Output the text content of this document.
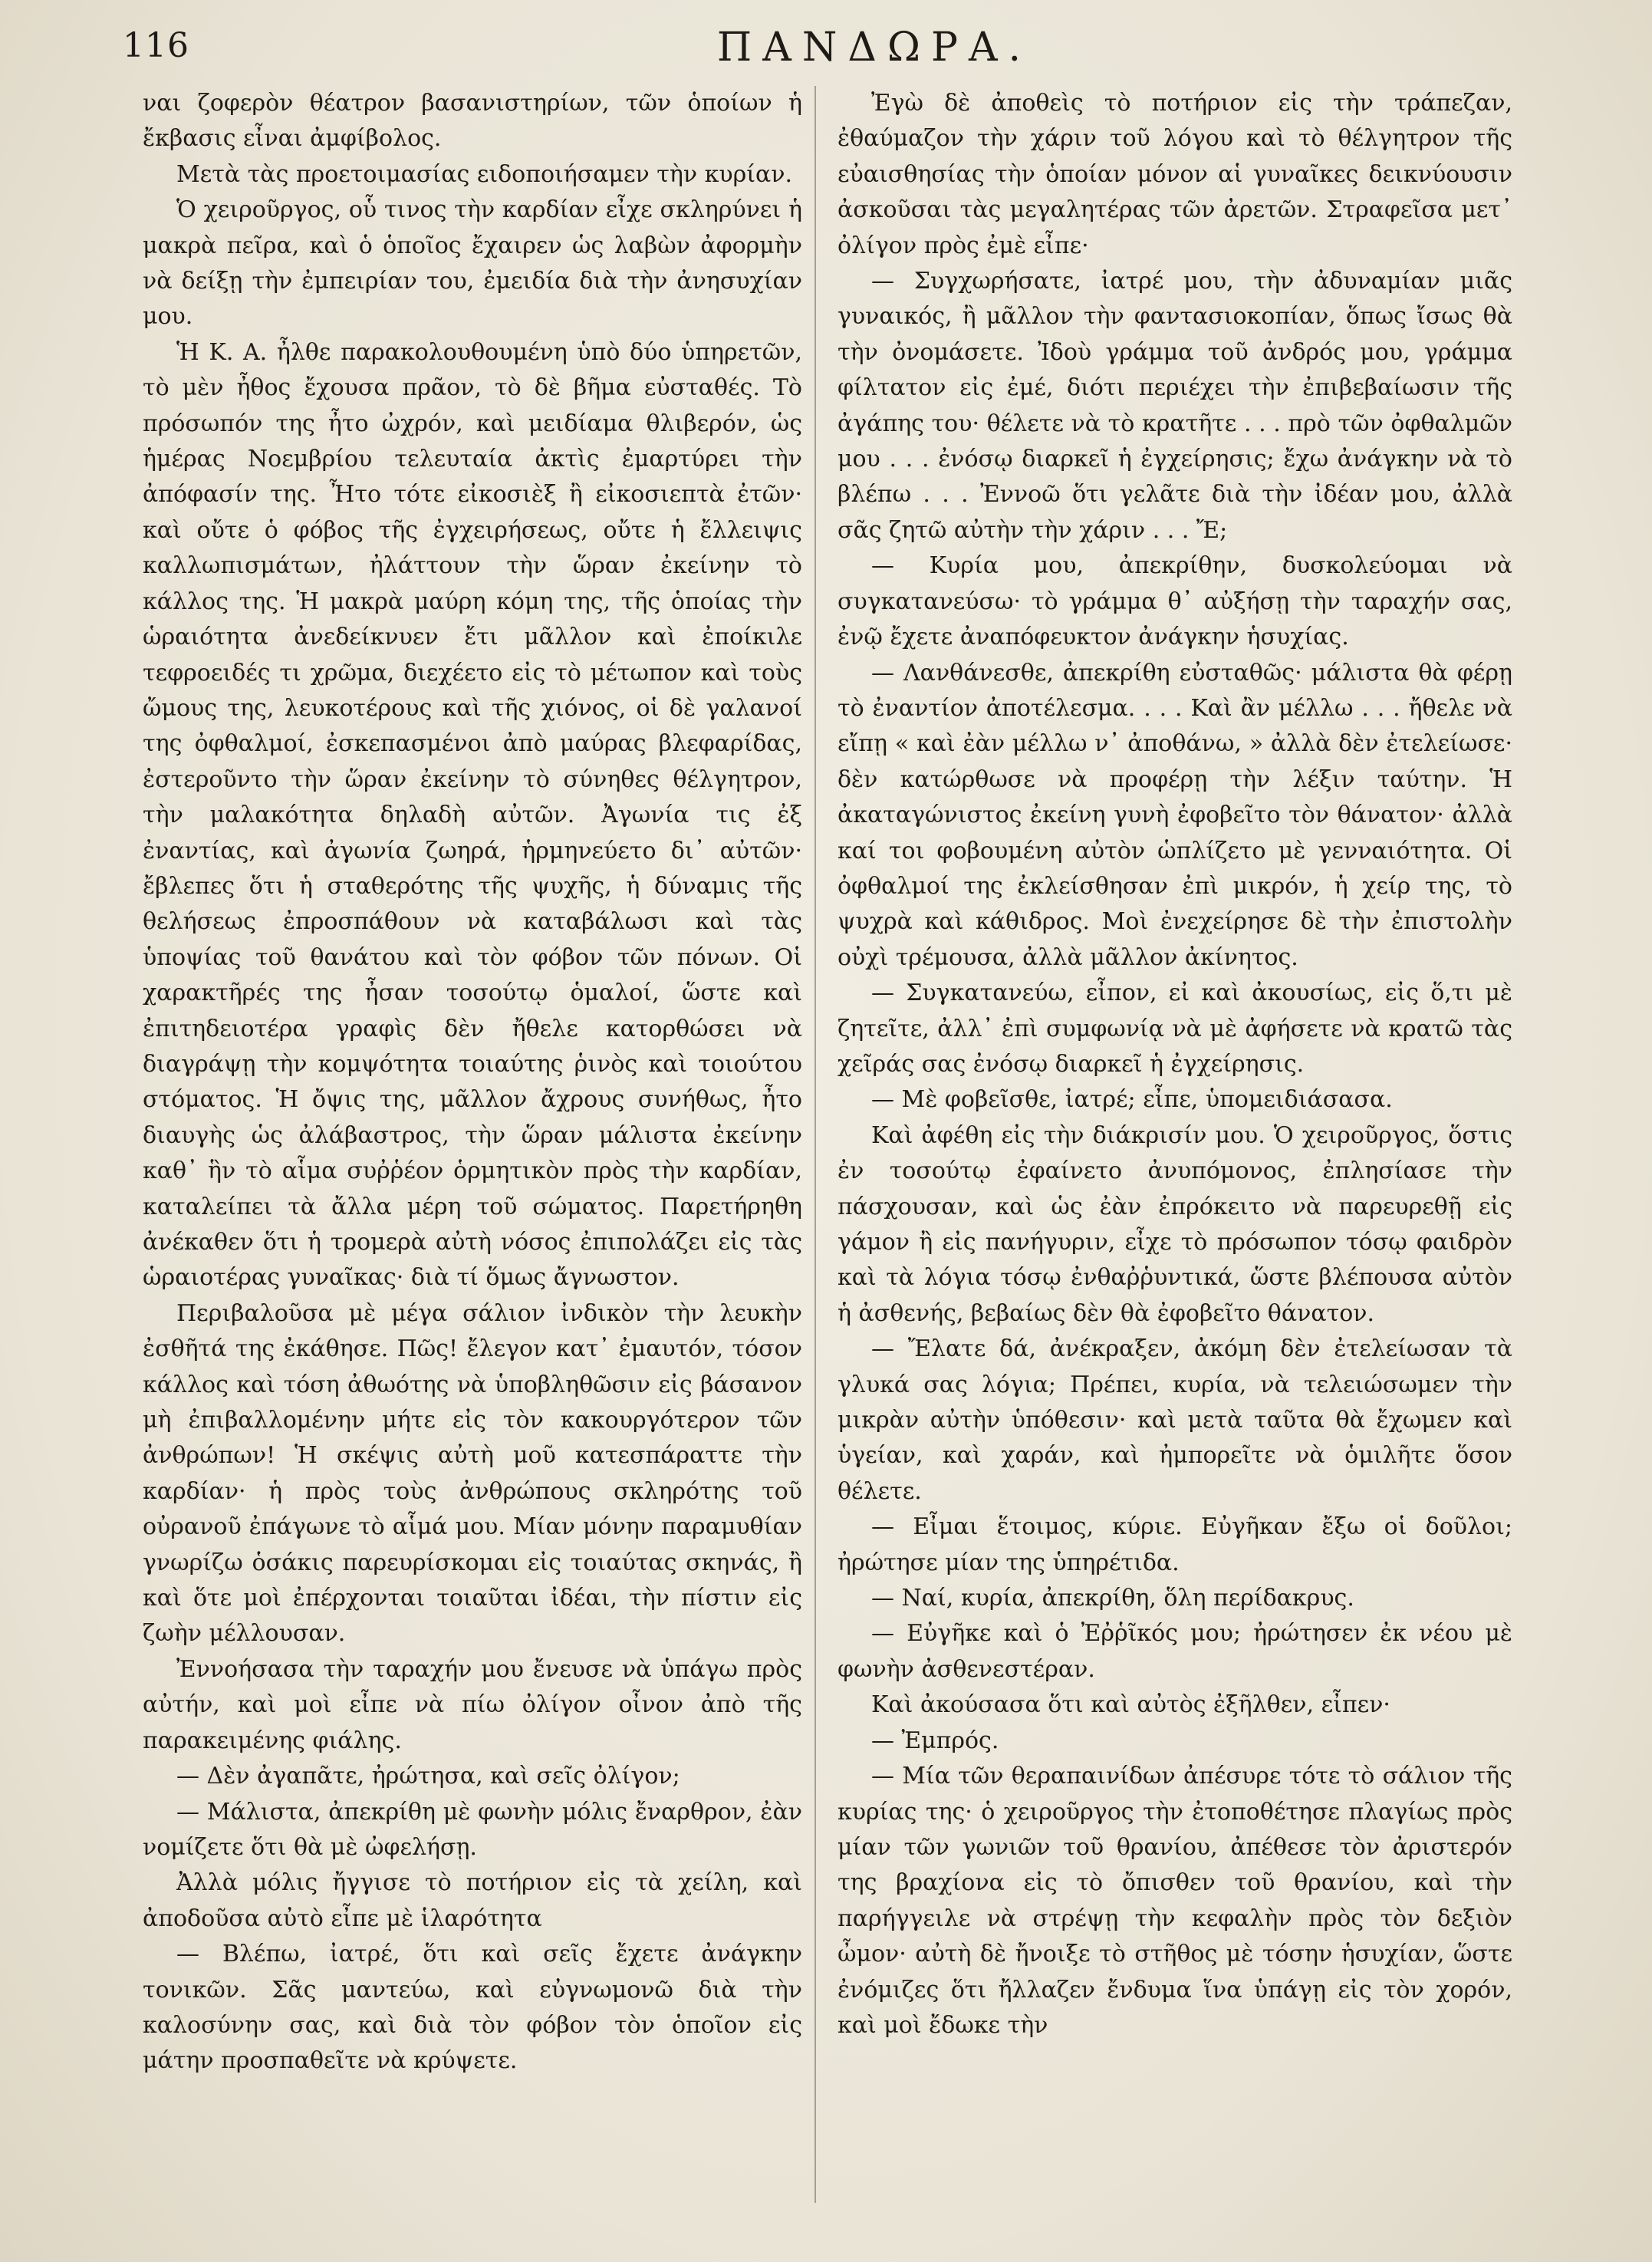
116	ΠΑΝΔΩΡΑ.

ναι ζοφερὸν θέατρον βασανιστηρίων, τῶν ὁποίων ἡ ἔκβασις εἶναι ἀμφίβολος.

Μετὰ τὰς προετοιμασίας ειδοποιήσαμεν τὴν κυρίαν.

Ὁ χειροῦργος, οὗ τινος τὴν καρδίαν εἶχε σκληρύνει ἡ μακρὰ πεῖρα, καὶ ὁ ὁποῖος ἔχαιρεν ὡς λαβὼν ἀφορμὴν νὰ δείξῃ τὴν ἐμπειρίαν του, ἐμειδία διὰ τὴν ἀνησυχίαν μου.

Ἡ Κ. Α. ἦλθε παρακολουθουμένη ὑπὸ δύο ὑπηρετῶν, τὸ μὲν ἦθος ἔχουσα πρᾶον, τὸ δὲ βῆμα εὐσταθές. Τὸ πρόσωπόν της ἦτο ὠχρόν, καὶ μειδίαμα θλιβερόν, ὡς ἡμέρας Νοεμβρίου τελευταία ἀκτὶς ἐμαρτύρει τὴν ἀπόφασίν της. Ἦτο τότε εἰκοσιὲξ ἢ εἰκοσιεπτὰ ἐτῶν· καὶ οὔτε ὁ φόβος τῆς ἐγχειρήσεως, οὔτε ἡ ἔλλειψις καλλωπισμάτων, ἠλάττουν τὴν ὥραν ἐκείνην τὸ κάλλος της. Ἡ μακρὰ μαύρη κόμη της, τῆς ὁποίας τὴν ὡραιότητα ἀνεδείκνυεν ἔτι μᾶλλον καὶ ἐποίκιλε τεφροειδές τι χρῶμα, διεχέετο εἰς τὸ μέτωπον καὶ τοὺς ὤμους της, λευκοτέρους καὶ τῆς χιόνος, οἱ δὲ γαλανοί της ὀφθαλμοί, ἐσκεπασμένοι ἀπὸ μαύρας βλεφαρίδας, ἐστεροῦντο τὴν ὥραν ἐκείνην τὸ σύνηθες θέλγητρον, τὴν μαλακότητα δηλαδὴ αὐτῶν. Ἀγωνία τις ἐξ ἐναντίας, καὶ ἀγωνία ζωηρά, ἡρμηνεύετο δι᾽ αὐτῶν· ἔβλεπες ὅτι ἡ σταθερότης τῆς ψυχῆς, ἡ δύναμις τῆς θελήσεως ἐπροσπάθουν νὰ καταβάλωσι καὶ τὰς ὑποψίας τοῦ θανάτου καὶ τὸν φόβον τῶν πόνων. Οἱ χαρακτῆρές της ἦσαν τοσούτῳ ὁμαλοί, ὥστε καὶ ἐπιτηδειοτέρα γραφὶς δὲν ἤθελε κατορθώσει νὰ διαγράψῃ τὴν κομψότητα τοιαύτης ῥινὸς καὶ τοιούτου στόματος. Ἡ ὄψις της, μᾶλλον ἄχρους συνήθως, ἦτο διαυγὴς ὡς ἀλάβαστρος, τὴν ὥραν μάλιστα ἐκείνην καθ᾽ ἣν τὸ αἷμα συῤῥέον ὁρμητικὸν πρὸς τὴν καρδίαν, καταλείπει τὰ ἄλλα μέρη τοῦ σώματος. Παρετήρηθη ἀνέκαθεν ὅτι ἡ τρομερὰ αὐτὴ νόσος ἐπιπολάζει εἰς τὰς ὡραιοτέρας γυναῖκας· διὰ τί ὅμως ἄγνωστον.

Περιβαλοῦσα μὲ μέγα σάλιον ἰνδικὸν τὴν λευκὴν ἐσθῆτά της ἐκάθησε. Πῶς! ἔλεγον κατ᾽ ἐμαυτόν, τόσον κάλλος καὶ τόση ἀθωότης νὰ ὑποβληθῶσιν εἰς βάσανον μὴ ἐπιβαλλομένην μήτε εἰς τὸν κακουργότερον τῶν ἀνθρώπων! Ἡ σκέψις αὐτὴ μοῦ κατεσπάραττε τὴν καρδίαν· ἡ πρὸς τοὺς ἀνθρώπους σκληρότης τοῦ οὐρανοῦ ἐπάγωνε τὸ αἷμά μου. Μίαν μόνην παραμυθίαν γνωρίζω ὁσάκις παρευρίσκομαι εἰς τοιαύτας σκηνάς, ἢ καὶ ὅτε μοὶ ἐπέρχονται τοιαῦται ἰδέαι, τὴν πίστιν εἰς ζωὴν μέλλουσαν.

Ἐννοήσασα τὴν ταραχήν μου ἔνευσε νὰ ὑπάγω πρὸς αὐτήν, καὶ μοὶ εἶπε νὰ πίω ὀλίγον οἶνον ἀπὸ τῆς παρακειμένης φιάλης.

— Δὲν ἀγαπᾶτε, ἠρώτησα, καὶ σεῖς ὀλίγον;

— Μάλιστα, ἀπεκρίθη μὲ φωνὴν μόλις ἔναρθρον, ἐὰν νομίζετε ὅτι θὰ μὲ ὠφελήσῃ.

Ἀλλὰ μόλις ἤγγισε τὸ ποτήριον εἰς τὰ χείλη, καὶ ἀποδοῦσα αὐτὸ εἶπε μὲ ἱλαρότητα

— Βλέπω, ἰατρέ, ὅτι καὶ σεῖς ἔχετε ἀνάγκην τονικῶν. Σᾶς μαντεύω, καὶ εὐγνωμονῶ διὰ τὴν καλοσύνην σας, καὶ διὰ τὸν φόβον τὸν ὁποῖον εἰς μάτην προσπαθεῖτε νὰ κρύψετε.

Ἐγὼ δὲ ἀποθεὶς τὸ ποτήριον εἰς τὴν τράπεζαν, ἐθαύμαζον τὴν χάριν τοῦ λόγου καὶ τὸ θέλγητρον τῆς εὐαισθησίας τὴν ὁποίαν μόνον αἱ γυναῖκες δεικνύουσιν ἀσκοῦσαι τὰς μεγαλητέρας τῶν ἀρετῶν. Στραφεῖσα μετ᾽ ὀλίγον πρὸς ἐμὲ εἶπε·

— Συγχωρήσατε, ἰατρέ μου, τὴν ἀδυναμίαν μιᾶς γυναικός, ἢ μᾶλλον τὴν φαντασιοκοπίαν, ὅπως ἴσως θὰ τὴν ὀνομάσετε. Ἰδοὺ γράμμα τοῦ ἀνδρός μου, γράμμα φίλτατον εἰς ἐμέ, διότι περιέχει τὴν ἐπιβεβαίωσιν τῆς ἀγάπης του· θέλετε νὰ τὸ κρατῆτε . . . πρὸ τῶν ὀφθαλμῶν μου . . . ἐνόσῳ διαρκεῖ ἡ ἐγχείρησις; ἔχω ἀνάγκην νὰ τὸ βλέπω . . . Ἐννοῶ ὅτι γελᾶτε διὰ τὴν ἰδέαν μου, ἀλλὰ σᾶς ζητῶ αὐτὴν τὴν χάριν . . . Ἔ;

— Κυρία μου, ἀπεκρίθην, δυσκολεύομαι νὰ συγκατανεύσω· τὸ γράμμα θ᾽ αὐξήσῃ τὴν ταραχήν σας, ἐνῷ ἔχετε ἀναπόφευκτον ἀνάγκην ἡσυχίας.

— Λανθάνεσθε, ἀπεκρίθη εὐσταθῶς· μάλιστα θὰ φέρῃ τὸ ἐναντίον ἀποτέλεσμα. . . . Καὶ ἂν μέλλω . . . ἤθελε νὰ εἴπῃ « καὶ ἐὰν μέλλω ν᾽ ἀποθάνω, » ἀλλὰ δὲν ἐτελείωσε· δὲν κατώρθωσε νὰ προφέρῃ τὴν λέξιν ταύτην. Ἡ ἀκαταγώνιστος ἐκείνη γυνὴ ἐφοβεῖτο τὸν θάνατον· ἀλλὰ καί τοι φοβουμένη αὐτὸν ὡπλίζετο μὲ γενναιότητα. Οἱ ὀφθαλμοί της ἐκλείσθησαν ἐπὶ μικρόν, ἡ χείρ της, τὸ ψυχρὰ καὶ κάθιδρος. Μοὶ ἐνεχείρησε δὲ τὴν ἐπιστολὴν οὐχὶ τρέμουσα, ἀλλὰ μᾶλλον ἀκίνητος.

— Συγκατανεύω, εἶπον, εἰ καὶ ἀκουσίως, εἰς ὅ,τι μὲ ζητεῖτε, ἀλλ᾽ ἐπὶ συμφωνίᾳ νὰ μὲ ἀφήσετε νὰ κρατῶ τὰς χεῖράς σας ἐνόσῳ διαρκεῖ ἡ ἐγχείρησις.

— Μὲ φοβεῖσθε, ἰατρέ; εἶπε, ὑπομειδιάσασα.

Καὶ ἀφέθη εἰς τὴν διάκρισίν μου. Ὁ χειροῦργος, ὅστις ἐν τοσούτῳ ἐφαίνετο ἀνυπόμονος, ἐπλησίασε τὴν πάσχουσαν, καὶ ὡς ἐὰν ἐπρόκειτο νὰ παρευρεθῇ εἰς γάμον ἢ εἰς πανήγυριν, εἶχε τὸ πρόσωπον τόσῳ φαιδρὸν καὶ τὰ λόγια τόσῳ ἐνθαῤῥυντικά, ὥστε βλέπουσα αὐτὸν ἡ ἀσθενής, βεβαίως δὲν θὰ ἐφοβεῖτο θάνατον.

— Ἔλατε δά, ἀνέκραξεν, ἀκόμη δὲν ἐτελείωσαν τὰ γλυκά σας λόγια; Πρέπει, κυρία, νὰ τελειώσωμεν τὴν μικρὰν αὐτὴν ὑπόθεσιν· καὶ μετὰ ταῦτα θὰ ἔχωμεν καὶ ὑγείαν, καὶ χαράν, καὶ ἠμπορεῖτε νὰ ὁμιλῆτε ὅσον θέλετε.

— Εἶμαι ἕτοιμος, κύριε. Εὐγῆκαν ἔξω οἱ δοῦλοι; ἠρώτησε μίαν της ὑπηρέτιδα.

— Ναί, κυρία, ἀπεκρίθη, ὅλη περίδακρυς.

— Εὐγῆκε καὶ ὁ Ἐῤῥῖκός μου; ἠρώτησεν ἐκ νέου μὲ φωνὴν ἀσθενεστέραν.

Καὶ ἀκούσασα ὅτι καὶ αὐτὸς ἐξῆλθεν, εἶπεν·

— Ἐμπρός.

— Μία τῶν θεραπαινίδων ἀπέσυρε τότε τὸ σάλιον τῆς κυρίας της· ὁ χειροῦργος τὴν ἐτοποθέτησε πλαγίως πρὸς μίαν τῶν γωνιῶν τοῦ θρανίου, ἀπέθεσε τὸν ἀριστερόν της βραχίονα εἰς τὸ ὄπισθεν τοῦ θρανίου, καὶ τὴν παρήγγειλε νὰ στρέψῃ τὴν κεφαλὴν πρὸς τὸν δεξιὸν ὦμον· αὐτὴ δὲ ἤνοιξε τὸ στῆθος μὲ τόσην ἡσυχίαν, ὥστε ἐνόμιζες ὅτι ἤλλαζεν ἔνδυμα ἵνα ὑπάγῃ εἰς τὸν χορόν, καὶ μοὶ ἔδωκε τὴν
